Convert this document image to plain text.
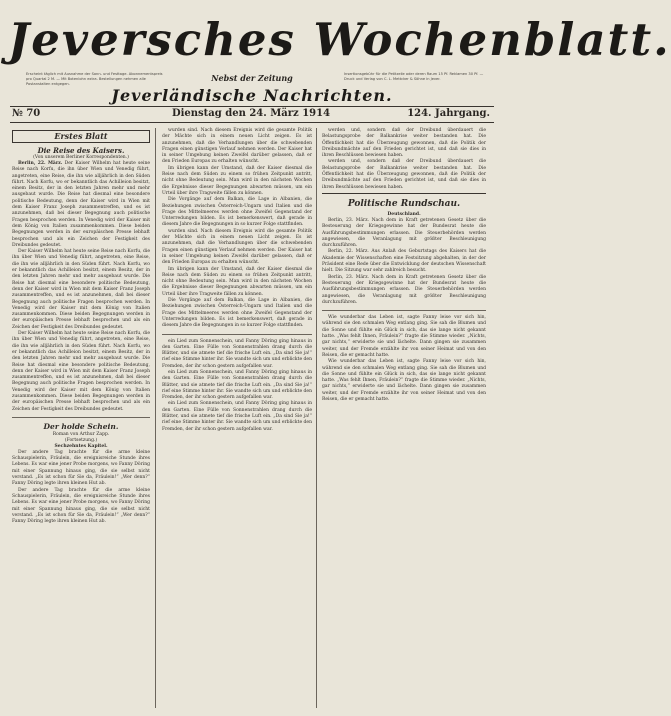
Jeversches Wochenblatt.
Erscheint täglich mit Ausnahme der Sonn- und Festtage. Abonnementspreis pro Quartal 2 M. — Mit Botenlohn extra. Bestellungen nehmen alle Postanstalten entgegen.
Nebst der Zeitung	Insertionsgebühr für die Petitzeile oder deren Raum 15 Pf. Reklamen 30 Pf. — Druck und Verlag von C. L. Mettcker & Söhne in Jever.
Jeverländische Nachrichten.
№ 70	Dienstag den 24. März 1914	124. Jahrgang.
Erstes Blatt
Die Reise des Kaisers.
(Von unserem Berliner Korrespondenten.)

Berlin, 22. März. Der Kaiser Wilhelm hat heute seine Reise nach Korfu, die ihn über Wien und Venedig führt, angetreten, eine Reise, die ihn wie alljährlich in den Süden führt. Nach Korfu, wo er bekanntlich das Achilleion besitzt, einem Besitz, der in den letzten Jahren mehr und mehr ausgebaut wurde. Die Reise hat diesmal eine besondere politische Bedeutung, denn der Kaiser wird in Wien mit dem Kaiser Franz Joseph zusammentreffen, und es ist anzunehmen, daß bei dieser Begegnung auch politische Fragen besprochen werden. In Venedig wird der Kaiser mit dem König von Italien zusammenkommen. Diese beiden Begegnungen werden in der europäischen Presse lebhaft besprochen und als ein Zeichen der Festigkeit des Dreibundes gedeutet.

Der Kaiser Wilhelm hat heute seine Reise nach Korfu, die ihn über Wien und Venedig führt, angetreten, eine Reise, die ihn wie alljährlich in den Süden führt. Nach Korfu, wo er bekanntlich das Achilleion besitzt, einem Besitz, der in den letzten Jahren mehr und mehr ausgebaut wurde. Die Reise hat diesmal eine besondere politische Bedeutung, denn der Kaiser wird in Wien mit dem Kaiser Franz Joseph zusammentreffen, und es ist anzunehmen, daß bei dieser Begegnung auch politische Fragen besprochen werden. In Venedig wird der Kaiser mit dem König von Italien zusammenkommen. Diese beiden Begegnungen werden in der europäischen Presse lebhaft besprochen und als ein Zeichen der Festigkeit des Dreibundes gedeutet.

Der Kaiser Wilhelm hat heute seine Reise nach Korfu, die ihn über Wien und Venedig führt, angetreten, eine Reise, die ihn wie alljährlich in den Süden führt. Nach Korfu, wo er bekanntlich das Achilleion besitzt, einem Besitz, der in den letzten Jahren mehr und mehr ausgebaut wurde. Die Reise hat diesmal eine besondere politische Bedeutung, denn der Kaiser wird in Wien mit dem Kaiser Franz Joseph zusammentreffen, und es ist anzunehmen, daß bei dieser Begegnung auch politische Fragen besprochen werden. In Venedig wird der Kaiser mit dem König von Italien zusammenkommen. Diese beiden Begegnungen werden in der europäischen Presse lebhaft besprochen und als ein Zeichen der Festigkeit des Dreibundes gedeutet.

Der holde Schein.
Roman von Arthur Zapp.
(Fortsetzung.)
Sechzehntes Kapitel.

Der andere Tag brachte für die arme kleine Schauspielerin, Fräulein, die ereignisreiche Stunde ihres Lebens. Es war eine jener Probe morgens, wo Fanny Döring mit einer Spannung hinaus ging, die sie selbst nicht verstand. „Es ist schon für Sie da, Fräulein!“ „Wer denn?“ Fanny Döring legte ihren kleinen Hut ab.

Der andere Tag brachte für die arme kleine Schauspielerin, Fräulein, die ereignisreiche Stunde ihres Lebens. Es war eine jener Probe morgens, wo Fanny Döring mit einer Spannung hinaus ging, die sie selbst nicht verstand. „Es ist schon für Sie da, Fräulein!“ „Wer denn?“ Fanny Döring legte ihren kleinen Hut ab.

wurden sind. Nach diesem Ereignis wird die gesamte Politik der Mächte sich in einem neuen Licht zeigen. Es ist anzunehmen, daß die Verhandlungen über die schwebenden Fragen einen günstigen Verlauf nehmen werden. Der Kaiser hat in seiner Umgebung keinen Zweifel darüber gelassen, daß er den Frieden Europas zu erhalten wünscht.

Im übrigen kann der Umstand, daß der Kaiser diesmal die Reise nach dem Süden zu einem so frühen Zeitpunkt antritt, nicht ohne Bedeutung sein. Man wird in den nächsten Wochen die Ergebnisse dieser Begegnungen abwarten müssen, um ein Urteil über ihre Tragweite fällen zu können.

Die Vorgänge auf dem Balkan, die Lage in Albanien, die Beziehungen zwischen Österreich-Ungarn und Italien und die Frage des Mittelmeeres werden ohne Zweifel Gegenstand der Unterredungen bilden. Es ist bemerkenswert, daß gerade in diesem Jahre die Begegnungen in so kurzer Folge stattfinden.

wurden sind. Nach diesem Ereignis wird die gesamte Politik der Mächte sich in einem neuen Licht zeigen. Es ist anzunehmen, daß die Verhandlungen über die schwebenden Fragen einen günstigen Verlauf nehmen werden. Der Kaiser hat in seiner Umgebung keinen Zweifel darüber gelassen, daß er den Frieden Europas zu erhalten wünscht.

Im übrigen kann der Umstand, daß der Kaiser diesmal die Reise nach dem Süden zu einem so frühen Zeitpunkt antritt, nicht ohne Bedeutung sein. Man wird in den nächsten Wochen die Ergebnisse dieser Begegnungen abwarten müssen, um ein Urteil über ihre Tragweite fällen zu können.

Die Vorgänge auf dem Balkan, die Lage in Albanien, die Beziehungen zwischen Österreich-Ungarn und Italien und die Frage des Mittelmeeres werden ohne Zweifel Gegenstand der Unterredungen bilden. Es ist bemerkenswert, daß gerade in diesem Jahre die Begegnungen in so kurzer Folge stattfinden.

ein Lied zum Sonnenschein, und Fanny Döring ging hinaus in den Garten. Eine Fülle von Sonnenstrahlen drang durch die Blätter, und sie atmete tief die frische Luft ein. „Da sind Sie ja!“ rief eine Stimme hinter ihr. Sie wandte sich um und erblickte den Fremden, der ihr schon gestern aufgefallen war.

ein Lied zum Sonnenschein, und Fanny Döring ging hinaus in den Garten. Eine Fülle von Sonnenstrahlen drang durch die Blätter, und sie atmete tief die frische Luft ein. „Da sind Sie ja!“ rief eine Stimme hinter ihr. Sie wandte sich um und erblickte den Fremden, der ihr schon gestern aufgefallen war.

ein Lied zum Sonnenschein, und Fanny Döring ging hinaus in den Garten. Eine Fülle von Sonnenstrahlen drang durch die Blätter, und sie atmete tief die frische Luft ein. „Da sind Sie ja!“ rief eine Stimme hinter ihr. Sie wandte sich um und erblickte den Fremden, der ihr schon gestern aufgefallen war.

werden und, sondern daß der Dreibund überdauert die Belastungsprobe der Balkankrise weiter bestanden hat. Die Öffentlichkeit hat die Überzeugung gewonnen, daß die Politik der Dreibundmächte auf den Frieden gerichtet ist, und daß sie dies in ihren Beschlüssen bewiesen haben.

werden und, sondern daß der Dreibund überdauert die Belastungsprobe der Balkankrise weiter bestanden hat. Die Öffentlichkeit hat die Überzeugung gewonnen, daß die Politik der Dreibundmächte auf den Frieden gerichtet ist, und daß sie dies in ihren Beschlüssen bewiesen haben.

Politische Rundschau.
Deutschland.

Berlin, 23. März. Nach dem in Kraft getretenen Gesetz über die Besteuerung der Kriegsgewinne hat der Bundesrat heute die Ausführungsbestimmungen erlassen. Die Steuerbehörden werden angewiesen, die Veranlagung mit größter Beschleunigung durchzuführen.

Berlin, 22. März. Aus Anlaß des Geburtstags des Kaisers hat die Akademie der Wissenschaften eine Festsitzung abgehalten, in der der Präsident eine Rede über die Entwicklung der deutschen Wissenschaft hielt. Die Sitzung war sehr zahlreich besucht.

Berlin, 23. März. Nach dem in Kraft getretenen Gesetz über die Besteuerung der Kriegsgewinne hat der Bundesrat heute die Ausführungsbestimmungen erlassen. Die Steuerbehörden werden angewiesen, die Veranlagung mit größter Beschleunigung durchzuführen.

Wie wunderbar das Leben ist, sagte Fanny leise vor sich hin, während sie den schmalen Weg entlang ging. Sie sah die Blumen und die Sonne und fühlte ein Glück in sich, das sie lange nicht gekannt hatte. „Was fehlt Ihnen, Fräulein?“ fragte die Stimme wieder. „Nichts, gar nichts,“ erwiderte sie und lächelte. Dann gingen sie zusammen weiter, und der Fremde erzählte ihr von seiner Heimat und von den Reisen, die er gemacht hatte.

Wie wunderbar das Leben ist, sagte Fanny leise vor sich hin, während sie den schmalen Weg entlang ging. Sie sah die Blumen und die Sonne und fühlte ein Glück in sich, das sie lange nicht gekannt hatte. „Was fehlt Ihnen, Fräulein?“ fragte die Stimme wieder. „Nichts, gar nichts,“ erwiderte sie und lächelte. Dann gingen sie zusammen weiter, und der Fremde erzählte ihr von seiner Heimat und von den Reisen, die er gemacht hatte.
